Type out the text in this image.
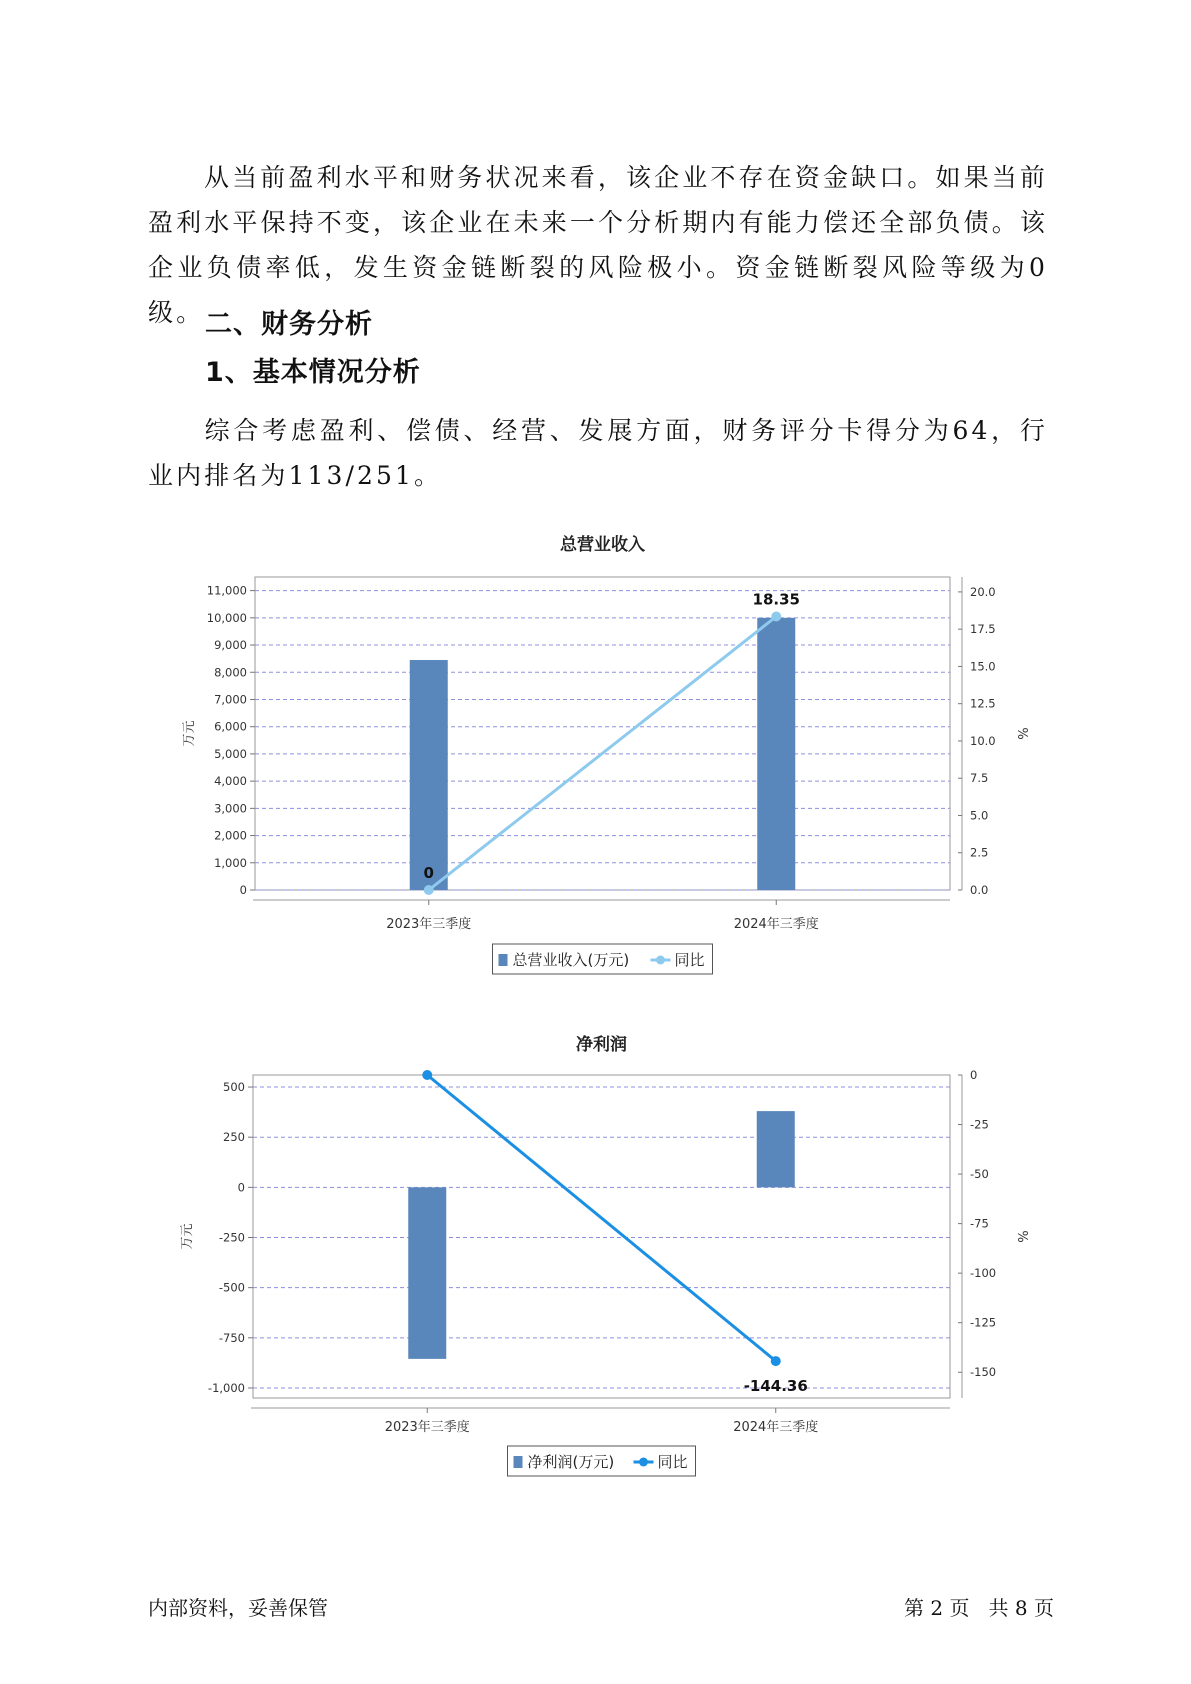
从当前盈利水平和财务状况来看，该企业不存在资金缺口。如果当前盈利水平保持不变，该企业在未来一个分析期内有能力偿还全部负债。该企业负债率低，发生资金链断裂的风险极小。资金链断裂风险等级为0级。 二、财务分析
1、基本情况分析

综合考虑盈利、偿债、经营、发展方面，财务评分卡得分为64，行业内排名为113/251。

总营业收入
0
1,000
2,000
3,000
4,000
5,000
6,000
7,000
8,000
9,000
10,000
11,000
0.0
2.5
5.0
7.5
10.0
12.5
15.0
17.5
20.0
万元	%
2023年三季度	2024年三季度
0
18.35
总营业收入(万元)	同比
净利润
500
250
0
-250
-500
-750
-1,000
0
-25
-50
-75
-100
-125
-150
万元	%
2023年三季度	2024年三季度
-144.36
净利润(万元)	同比
内部资料，妥善保管	第 2 页   共 8 页
